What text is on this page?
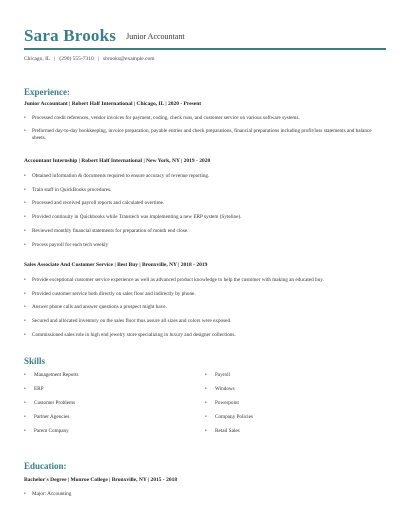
Sara Brooks Junior Accountant
Chicago, IL | (290) 555-7310 | sbrooks@example.com
Experience:
Junior Accountant | Robert Half International | Chicago, IL | 2020 - Present
• Processed credit references, vendor invoices for payment, coding, check runs, and customer service on various software systems.
• Preformed day-to-day bookkeeping, invoice preparation, payable entries and check preparations, financial preparations including profit/loss statements and balance sheets.
Accountant Internship | Robert Half International | New York, NY | 2019 - 2020
• Obtained information & documents required to ensure accuracy of revenue reporting.
• Train staff in QuickBooks procedures.
• Processed and received payroll reports and calculated overtime.
• Provided continuity in Quickbooks while Transtech was implementing a new ERP system (Syteline).
• Reviewed monthly financial statements for preparation of month end close.
• Process payroll for each tech weekly
Sales Associate And Customer Service | Best Buy | Bronxville, NY | 2018 - 2019
• Provide exceptional customer service experience as well as advanced product knowledge to help the customer with making an educated buy.
• Provided customer service both directly on sales floor and indirectly by phone.
• Answer phone calls and answer questions a prospect might have.
• Secured and allocated inventory on the sales floor thus assure all sizes and colors were exposed.
• Commissioned sales role in high end jewelry store specializing in luxury and designer collections.
Skills
• Management Reports
• ERP
• Customer Problems
• Partner Agencies
• Parent Company
• Payroll
• Windows
• Powerpoint
• Company Policies
• Retail Sales
Education:
Bachelor's Degree | Monroe College | Bronxville, NY | 2015 - 2018
• Major: Accounting
